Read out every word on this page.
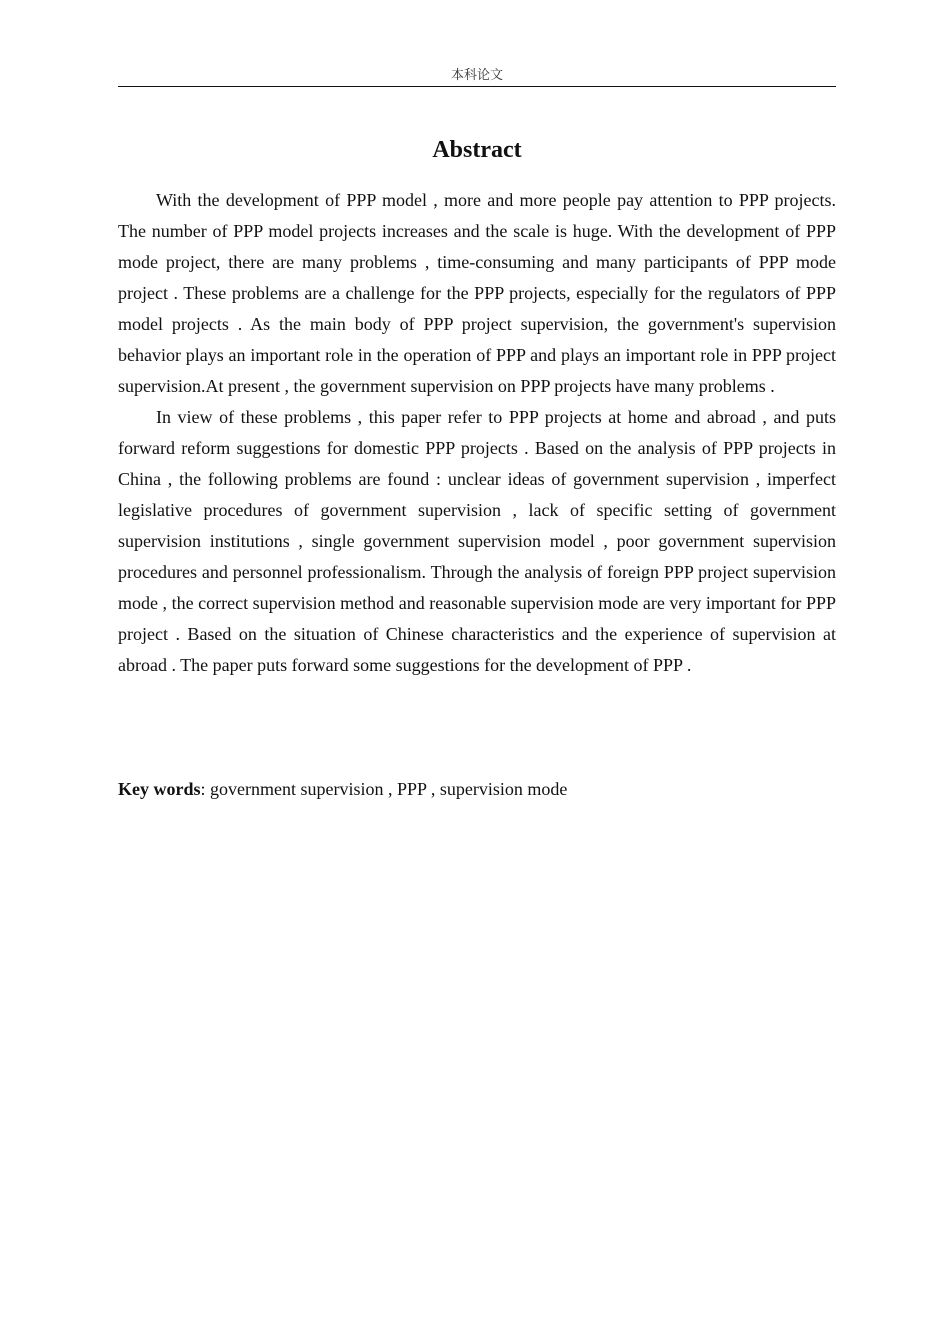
本科论文
Abstract

With the development of PPP model , more and more people pay attention to PPP projects. The number of PPP model projects increases and the scale is huge. With the development of PPP mode project, there are many problems , time-consuming and many participants of PPP mode project . These problems are a challenge for the PPP projects, especially for the regulators of PPP model projects . As the main body of PPP project supervision, the government's supervision behavior plays an important role in the operation of PPP and plays an important role in PPP project supervision.At present , the government supervision on PPP projects have many problems .

In view of these problems , this paper refer to PPP projects at home and abroad , and puts forward reform suggestions for domestic PPP projects . Based on the analysis of PPP projects in China , the following problems are found : unclear ideas of government supervision , imperfect legislative procedures of government supervision , lack of specific setting of government supervision institutions , single government supervision model , poor government supervision procedures and personnel professionalism. Through the analysis of foreign PPP project supervision mode , the correct supervision method and reasonable supervision mode are very important for PPP project . Based on the situation of Chinese characteristics and the experience of supervision at abroad . The paper puts forward some suggestions for the development of PPP .

Key words: government supervision , PPP , supervision mode
